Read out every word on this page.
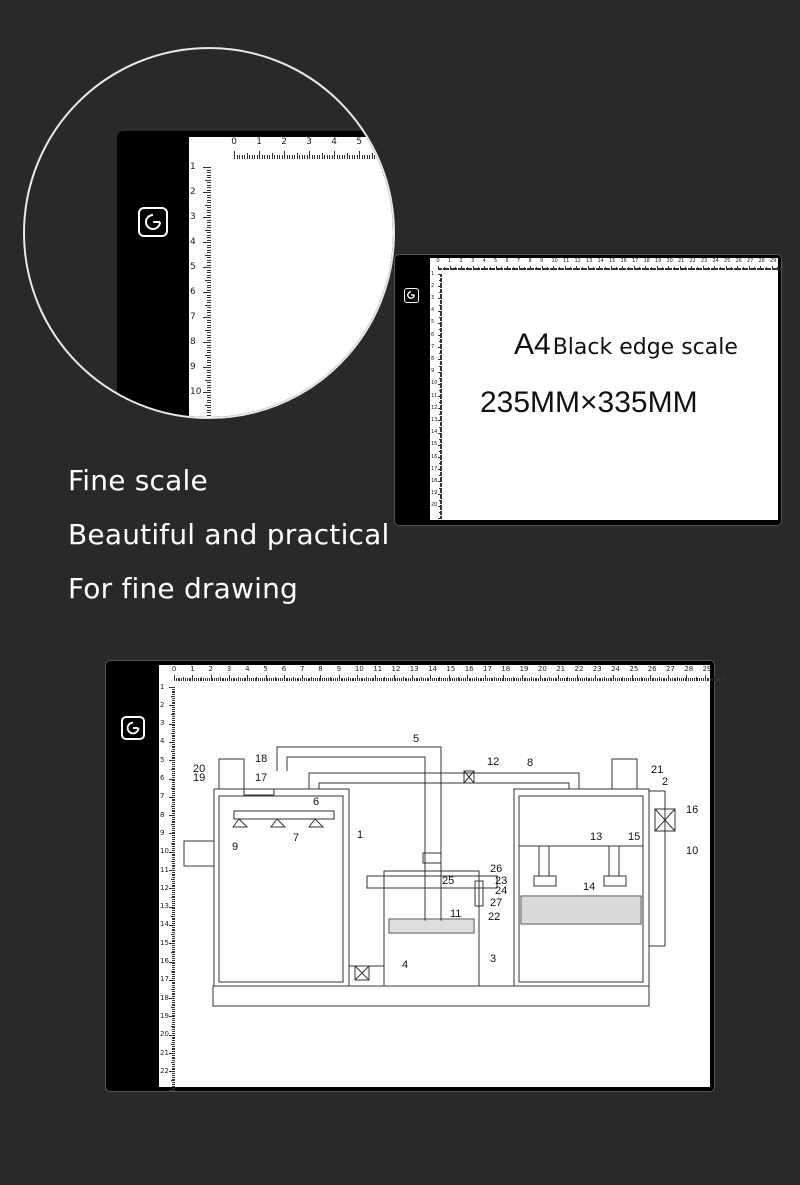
0 1 2 3 4 5 6
1
2
3
4
5
6
7
8
9
10
0 1 2 3 4 5 6 7 8 9 10 11 12 13 14 15 16 17 18 19 20 21 22 23 24 25 26 27 28 29
1
2
3
4
5
6
7
8
9
10
11
12
13
14
15
16
17
18
19
20
A4Black edge scale
235MM×335MM
Fine scale
Beautiful and practical
For fine drawing
0 1 2 3 4 5 6 7 8 9 10 11 12 13 14 15 16 17 18 19 20 21 22 23 24 25 26 27 28 29
1
2
3
4
5
6
7
8
9
10
11
12
13
14
15
16
17
18
19
20
21
22
1
2
3
4
5
6
7
8
9	10
11
12
13
14
15
16
17
18
19
20	21
22
23
24
25
26
27
